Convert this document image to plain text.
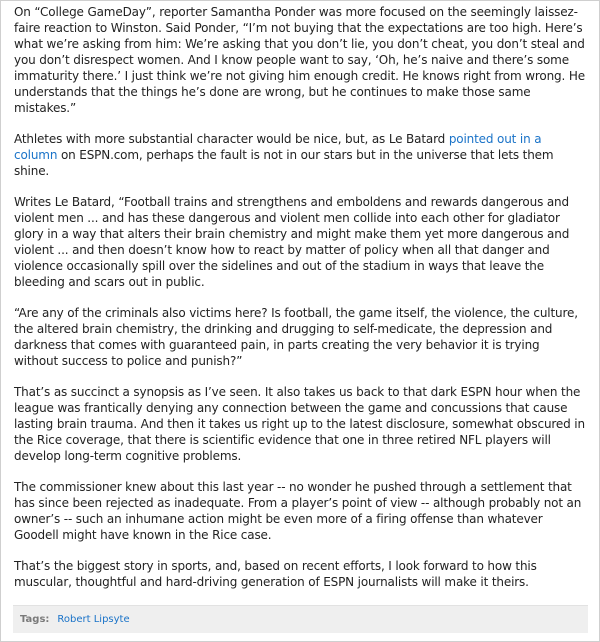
On “College GameDay”, reporter Samantha Ponder was more focused on the seemingly laissez-faire reaction to Winston. Said Ponder, “I’m not buying that the expectations are too high. Here’s what we’re asking from him: We’re asking that you don’t lie, you don’t cheat, you don’t steal and you don’t disrespect women. And I know people want to say, ‘Oh, he’s naive and there’s some immaturity there.’ I just think we’re not giving him enough credit. He knows right from wrong. He understands that the things he’s done are wrong, but he continues to make those same mistakes.”

Athletes with more substantial character would be nice, but, as Le Batard pointed out in a column on ESPN.com, perhaps the fault is not in our stars but in the universe that lets them shine.

Writes Le Batard, “Football trains and strengthens and emboldens and rewards dangerous and violent men ... and has these dangerous and violent men collide into each other for gladiator glory in a way that alters their brain chemistry and might make them yet more dangerous and violent ... and then doesn’t know how to react by matter of policy when all that danger and violence occasionally spill over the sidelines and out of the stadium in ways that leave the bleeding and scars out in public.

“Are any of the criminals also victims here? Is football, the game itself, the violence, the culture, the altered brain chemistry, the drinking and drugging to self-medicate, the depression and darkness that comes with guaranteed pain, in parts creating the very behavior it is trying without success to police and punish?”

That’s as succinct a synopsis as I’ve seen. It also takes us back to that dark ESPN hour when the league was frantically denying any connection between the game and concussions that cause lasting brain trauma. And then it takes us right up to the latest disclosure, somewhat obscured in the Rice coverage, that there is scientific evidence that one in three retired NFL players will develop long-term cognitive problems.

The commissioner knew about this last year -- no wonder he pushed through a settlement that has since been rejected as inadequate. From a player’s point of view -- although probably not an owner’s -- such an inhumane action might be even more of a firing offense than whatever Goodell might have known in the Rice case.

That’s the biggest story in sports, and, based on recent efforts, I look forward to how this muscular, thoughtful and hard-driving generation of ESPN journalists will make it theirs.

Tags: Robert Lipsyte
